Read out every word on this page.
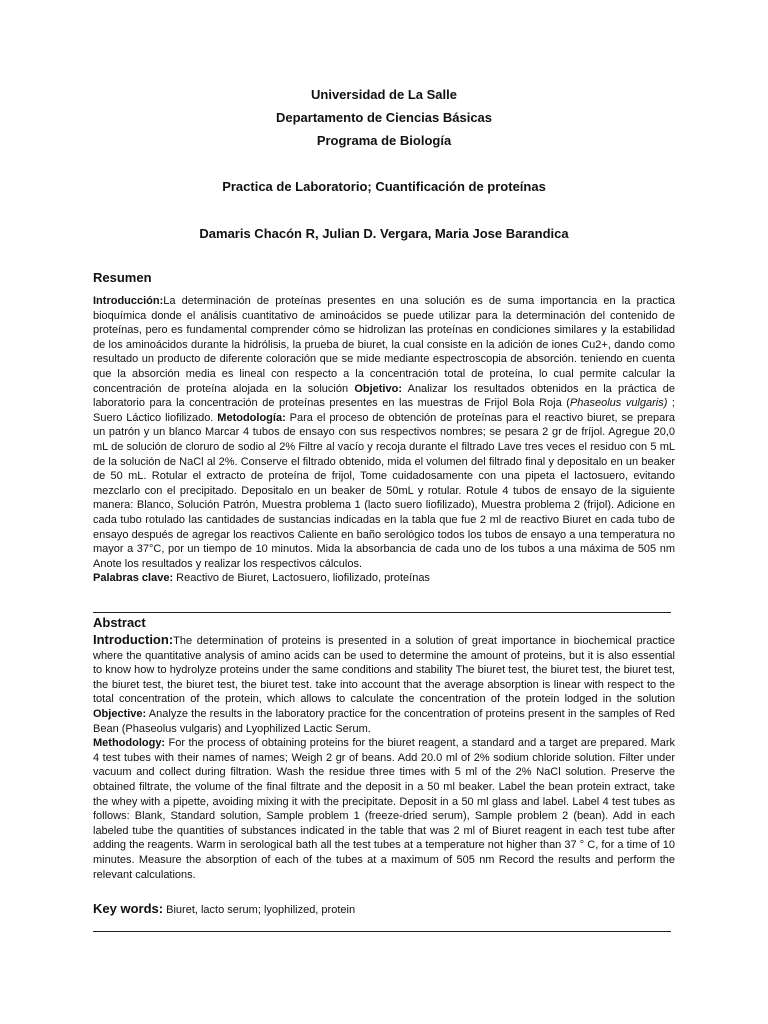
Universidad de La Salle
Departamento de Ciencias Básicas
Programa de Biología
Practica de Laboratorio; Cuantificación de proteínas
Damaris Chacón R, Julian D. Vergara, Maria Jose Barandica
Resumen

Introducción:La determinación de proteínas presentes en una solución es de suma importancia en la practica bioquímica donde el análisis cuantitativo de aminoácidos se puede utilizar para la determinación del contenido de proteínas, pero es fundamental comprender cómo se hidrolizan las proteínas en condiciones similares y la estabilidad de los aminoácidos durante la hidrólisis, la prueba de biuret, la cual consiste en la adición de iones Cu2+, dando como resultado un producto de diferente coloración que se mide mediante espectroscopia de absorción. teniendo en cuenta que la absorción media es lineal con respecto a la concentración total de proteína, lo cual permite calcular la concentración de proteína alojada en la solución Objetivo: Analizar los resultados obtenidos en la práctica de laboratorio para la concentración de proteínas presentes en las muestras de Frijol Bola Roja (Phaseolus vulgaris) ; Suero Láctico liofilizado. Metodología: Para el proceso de obtención de proteínas para el reactivo biuret, se prepara un patrón y un blanco Marcar 4 tubos de ensayo con sus respectivos nombres; se pesara 2 gr de fríjol. Agregue 20,0 mL de solución de cloruro de sodio al 2% Filtre al vacío y recoja durante el filtrado Lave tres veces el residuo con 5 mL de la solución de NaCl al 2%. Conserve el filtrado obtenido, mida el volumen del filtrado final y depositalo en un beaker de 50 mL. Rotular el extracto de proteína de frijol, Tome cuidadosamente con una pipeta el lactosuero, evitando mezclarlo con el precipitado. Depositalo en un beaker de 50mL y rotular. Rotule 4 tubos de ensayo de la siguiente manera: Blanco, Solución Patrón, Muestra problema 1 (lacto suero liofilizado), Muestra problema 2 (frijol). Adicione en cada tubo rotulado las cantidades de sustancias indicadas en la tabla que fue 2 ml de reactivo Biuret en cada tubo de ensayo después de agregar los reactivos Caliente en baño serológico todos los tubos de ensayo a una temperatura no mayor a 37°C, por un tiempo de 10 minutos. Mida la absorbancia de cada uno de los tubos a una máxima de 505 nm Anote los resultados y realizar los respectivos cálculos.
Palabras clave: Reactivo de Biuret, Lactosuero, liofilizado, proteínas

Abstract

Introduction:The determination of proteins is presented in a solution of great importance in biochemical practice where the quantitative analysis of amino acids can be used to determine the amount of proteins, but it is also essential to know how to hydrolyze proteins under the same conditions and stability The biuret test, the biuret test, the biuret test, the biuret test, the biuret test, the biuret test. take into account that the average absorption is linear with respect to the total concentration of the protein, which allows to calculate the concentration of the protein lodged in the solution Objective: Analyze the results in the laboratory practice for the concentration of proteins present in the samples of Red Bean (Phaseolus vulgaris) and Lyophilized Lactic Serum.
Methodology: For the process of obtaining proteins for the biuret reagent, a standard and a target are prepared. Mark 4 test tubes with their names of names; Weigh 2 gr of beans. Add 20.0 ml of 2% sodium chloride solution. Filter under vacuum and collect during filtration. Wash the residue three times with 5 ml of the 2% NaCl solution. Preserve the obtained filtrate, the volume of the final filtrate and the deposit in a 50 ml beaker. Label the bean protein extract, take the whey with a pipette, avoiding mixing it with the precipitate. Deposit in a 50 ml glass and label. Label 4 test tubes as follows: Blank, Standard solution, Sample problem 1 (freeze-dried serum), Sample problem 2 (bean). Add in each labeled tube the quantities of substances indicated in the table that was 2 ml of Biuret reagent in each test tube after adding the reagents. Warm in serological bath all the test tubes at a temperature not higher than 37 ° C, for a time of 10 minutes. Measure the absorption of each of the tubes at a maximum of 505 nm Record the results and perform the relevant calculations.

Key words: Biuret, lacto serum; lyophilized, protein
